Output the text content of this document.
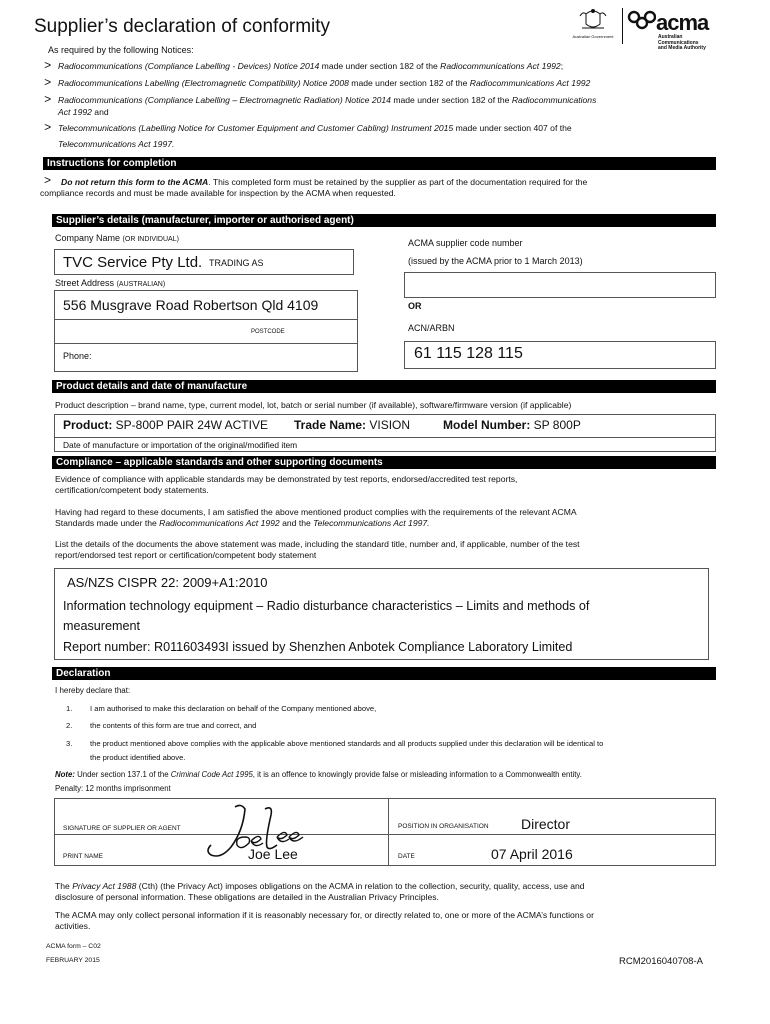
Supplier’s declaration of conformity	Australian Government
acma
Australian
Communications
and Media Authority
As required by the following Notices:
> Radiocommunications (Compliance Labelling - Devices) Notice 2014 made under section 182 of the Radiocommunications Act 1992;
> Radiocommunications Labelling (Electromagnetic Compatibility) Notice 2008 made under section 182 of the Radiocommunications Act 1992
> Radiocommunications (Compliance Labelling – Electromagnetic Radiation) Notice 2014 made under section 182 of the Radiocommunications
Act 1992 and
> Telecommunications (Labelling Notice for Customer Equipment and Customer Cabling) Instrument 2015 made under section 407 of the
Telecommunications Act 1997.
Instructions for completion
> Do not return this form to the ACMA. This completed form must be retained by the supplier as part of the documentation required for the
compliance records and must be made available for inspection by the ACMA when requested.
Supplier’s details (manufacturer, importer or authorised agent)
Company Name (OR INDIVIDUAL)
TVC Service Pty Ltd. TRADING AS
Street Address (AUSTRALIAN)
556 Musgrave Road Robertson Qld 4109
POSTCODE
Phone:
ACMA supplier code number
(issued by the ACMA prior to 1 March 2013)
OR
ACN/ARBN
61 115 128 115
Product details and date of manufacture
Product description – brand name, type, current model, lot, batch or serial number (if available), software/firmware version (if applicable)
Product: SP-800P PAIR 24W ACTIVE Trade Name: VISION	Model Number: SP 800P
Date of manufacture or importation of the original/modified item
Compliance – applicable standards and other supporting documents
Evidence of compliance with applicable standards may be demonstrated by test reports, endorsed/accredited test reports,
certification/competent body statements.
Having had regard to these documents, I am satisfied the above mentioned product complies with the requirements of the relevant ACMA
Standards made under the Radiocommunications Act 1992 and the Telecommunications Act 1997.
List the details of the documents the above statement was made, including the standard title, number and, if applicable, number of the test
report/endorsed test report or certification/competent body statement
AS/NZS CISPR 22: 2009+A1:2010
Information technology equipment – Radio disturbance characteristics – Limits and methods of
measurement
Report number: R011603493I issued by Shenzhen Anbotek Compliance Laboratory Limited
Declaration
I hereby declare that:
1. I am authorised to make this declaration on behalf of the Company mentioned above,
2. the contents of this form are true and correct, and
3. the product mentioned above complies with the applicable above mentioned standards and all products supplied under this declaration will be identical to
the product identified above.
Note: Under section 137.1 of the Criminal Code Act 1995, it is an offence to knowingly provide false or misleading information to a Commonwealth entity.
Penalty: 12 months imprisonment
SIGNATURE OF SUPPLIER OR AGENT
PRINT NAME	Joe Lee
POSITION IN ORGANISATION Director
DATE	07 April 2016
The Privacy Act 1988 (Cth) (the Privacy Act) imposes obligations on the ACMA in relation to the collection, security, quality, access, use and
disclosure of personal information. These obligations are detailed in the Australian Privacy Principles.
The ACMA may only collect personal information if it is reasonably necessary for, or directly related to, one or more of the ACMA’s functions or
activities.
ACMA form – C02
FEBRUARY 2015	RCM2016040708-A
